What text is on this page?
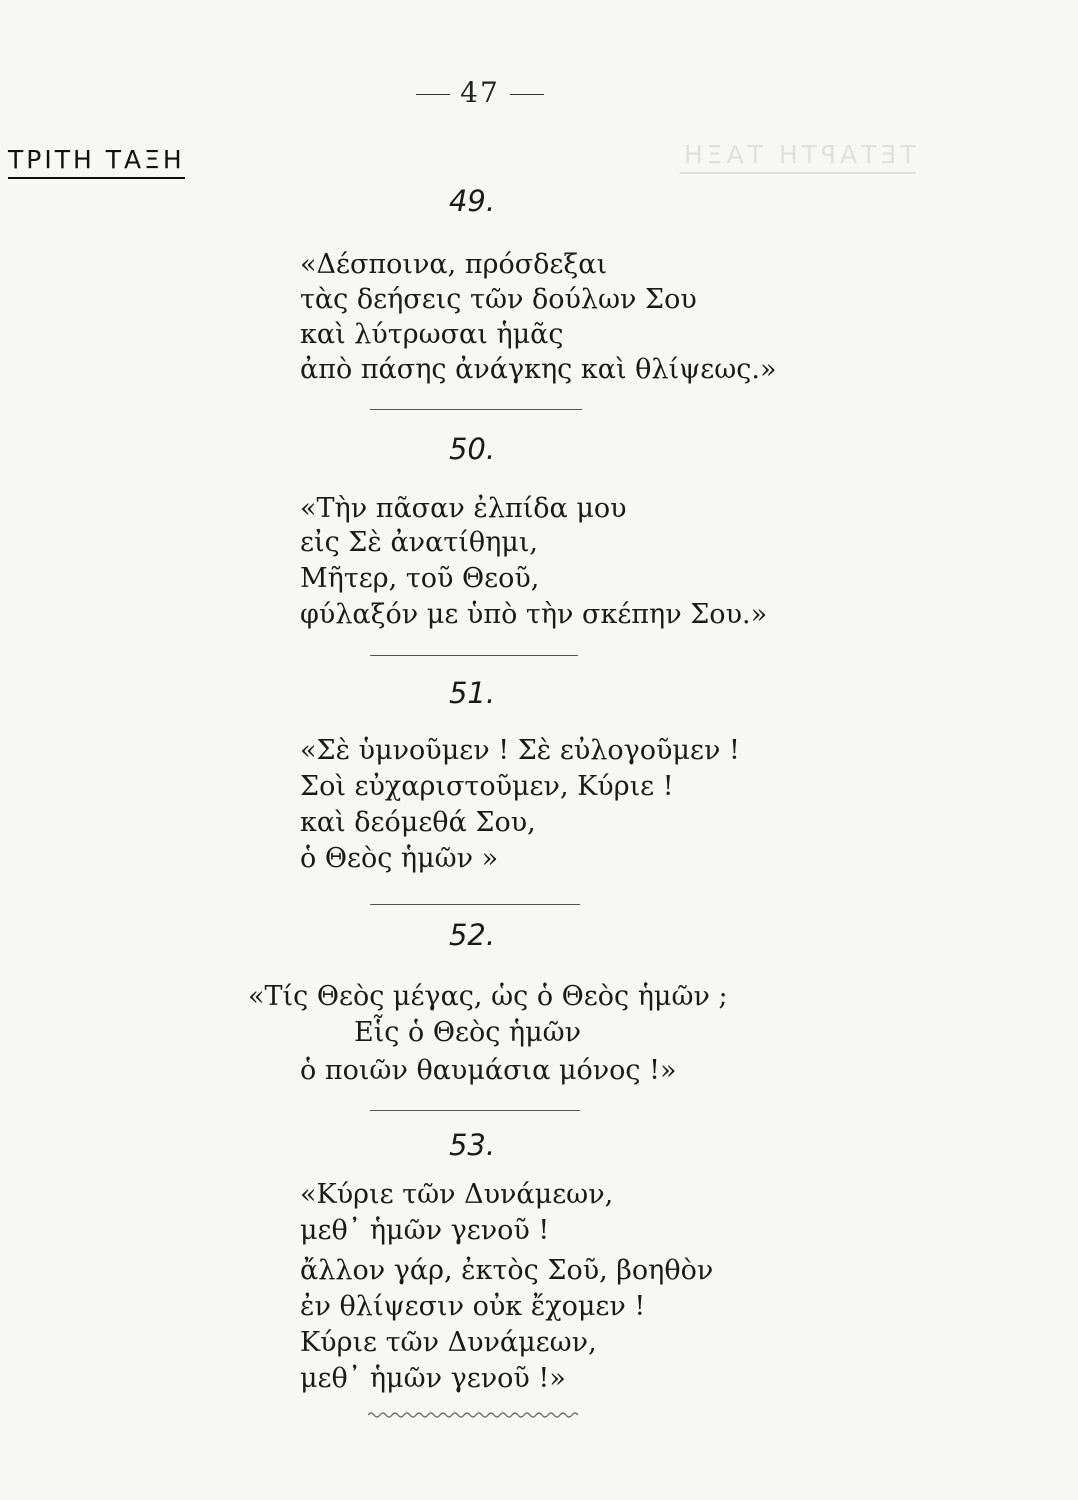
47
ΤΡΙΤΗ ΤΑΞΗ	ΤΕΤΑΡΤΗ ΤΑΞΗ
49.
«Δέσποινα, πρόσδεξαι
τὰς δεήσεις τῶν δούλων Σου
καὶ λύτρωσαι ἡμᾶς
ἀπὸ πάσης ἀνάγκης καὶ θλίψεως.»
50.
«Τὴν πᾶσαν ἐλπίδα μου
εἰς Σὲ ἀνατίθημι,
Μῆτερ, τοῦ Θεοῦ,
φύλαξόν με ὑπὸ τὴν σκέπην Σου.»
51.
«Σὲ ὑμνοῦμεν ! Σὲ εὐλογοῦμεν !
Σοὶ εὐχαριστοῦμεν, Κύριε !
καὶ δεόμεθά Σου,
ὁ Θεὸς ἡμῶν »
52.
«Τίς Θεὸς μέγας, ὡς ὁ Θεὸς ἡμῶν ;
Εἷς ὁ Θεὸς ἡμῶν
ὁ ποιῶν θαυμάσια μόνος !»
53.
«Κύριε τῶν Δυνάμεων,
μεθ᾽ ἡμῶν γενοῦ !
ἄλλον γάρ, ἐκτὸς Σοῦ, βοηθὸν
ἐν θλίψεσιν οὐκ ἔχομεν !
Κύριε τῶν Δυνάμεων,
μεθ᾽ ἡμῶν γενοῦ !»
